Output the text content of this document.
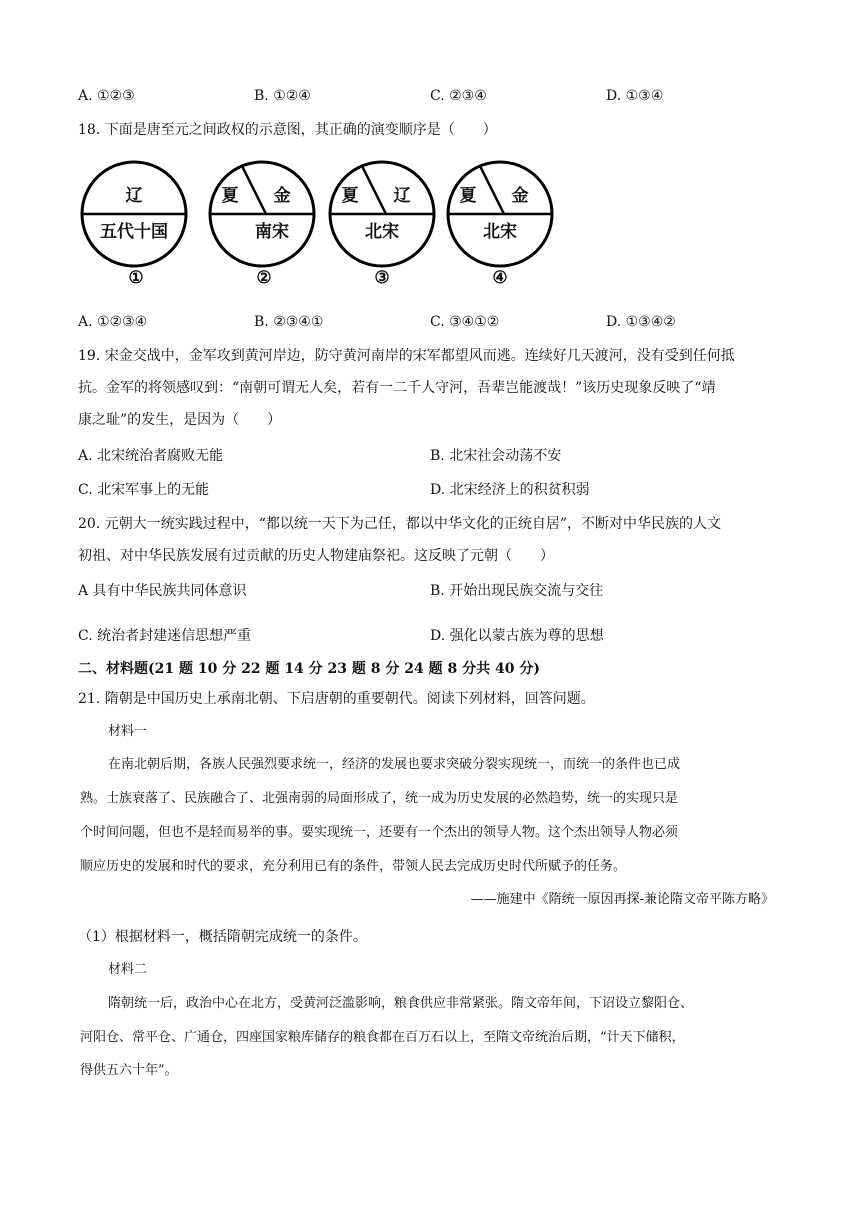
A. ①②③	B. ①②④	C. ②③④	D. ①③④
18. 下面是唐至元之间政权的示意图，其正确的演变顺序是（　　）
辽
五代十国
①
夏	金
南宋
②
夏	辽
北宋
③
夏	金
北宋
④
A. ①②③④	B. ②③④①	C. ③④①②	D. ①③④②
19. 宋金交战中，金军攻到黄河岸边，防守黄河南岸的宋军都望风而逃。连续好几天渡河，没有受到任何抵
抗。金军的将领感叹到：“南朝可谓无人矣，若有一二千人守河，吾辈岂能渡哉！”该历史现象反映了“靖
康之耻”的发生，是因为（　　）
A. 北宋统治者腐败无能	B. 北宋社会动荡不安
C. 北宋军事上的无能	D. 北宋经济上的积贫积弱
20. 元朝大一统实践过程中，“都以统一天下为己任，都以中华文化的正统自居”，不断对中华民族的人文
初祖、对中华民族发展有过贡献的历史人物建庙祭祀。这反映了元朝（　　）
A 具有中华民族共同体意识	B. 开始出现民族交流与交往
C. 统治者封建迷信思想严重	D. 强化以蒙古族为尊的思想
二、材料题(21 题 10 分 22 题 14 分 23 题 8 分 24 题 8 分共 40 分)
21. 隋朝是中国历史上承南北朝、下启唐朝的重要朝代。阅读下列材料，回答问题。
材料一
在南北朝后期，各族人民强烈要求统一，经济的发展也要求突破分裂实现统一，而统一的条件也已成
熟。士族衰落了、民族融合了、北强南弱的局面形成了，统一成为历史发展的必然趋势，统一的实现只是
个时间问题，但也不是轻而易举的事。要实现统一，还要有一个杰出的领导人物。这个杰出领导人物必须
顺应历史的发展和时代的要求，充分利用已有的条件，带领人民去完成历史时代所赋予的任务。
——施建中《隋统一原因再探-兼论隋文帝平陈方略》
（1）根据材料一，概括隋朝完成统一的条件。
材料二
隋朝统一后，政治中心在北方，受黄河泛滥影响，粮食供应非常紧张。隋文帝年间，下诏设立黎阳仓、
河阳仓、常平仓、广通仓，四座国家粮库储存的粮食都在百万石以上，至隋文帝统治后期，“计天下储积，
得供五六十年”。
